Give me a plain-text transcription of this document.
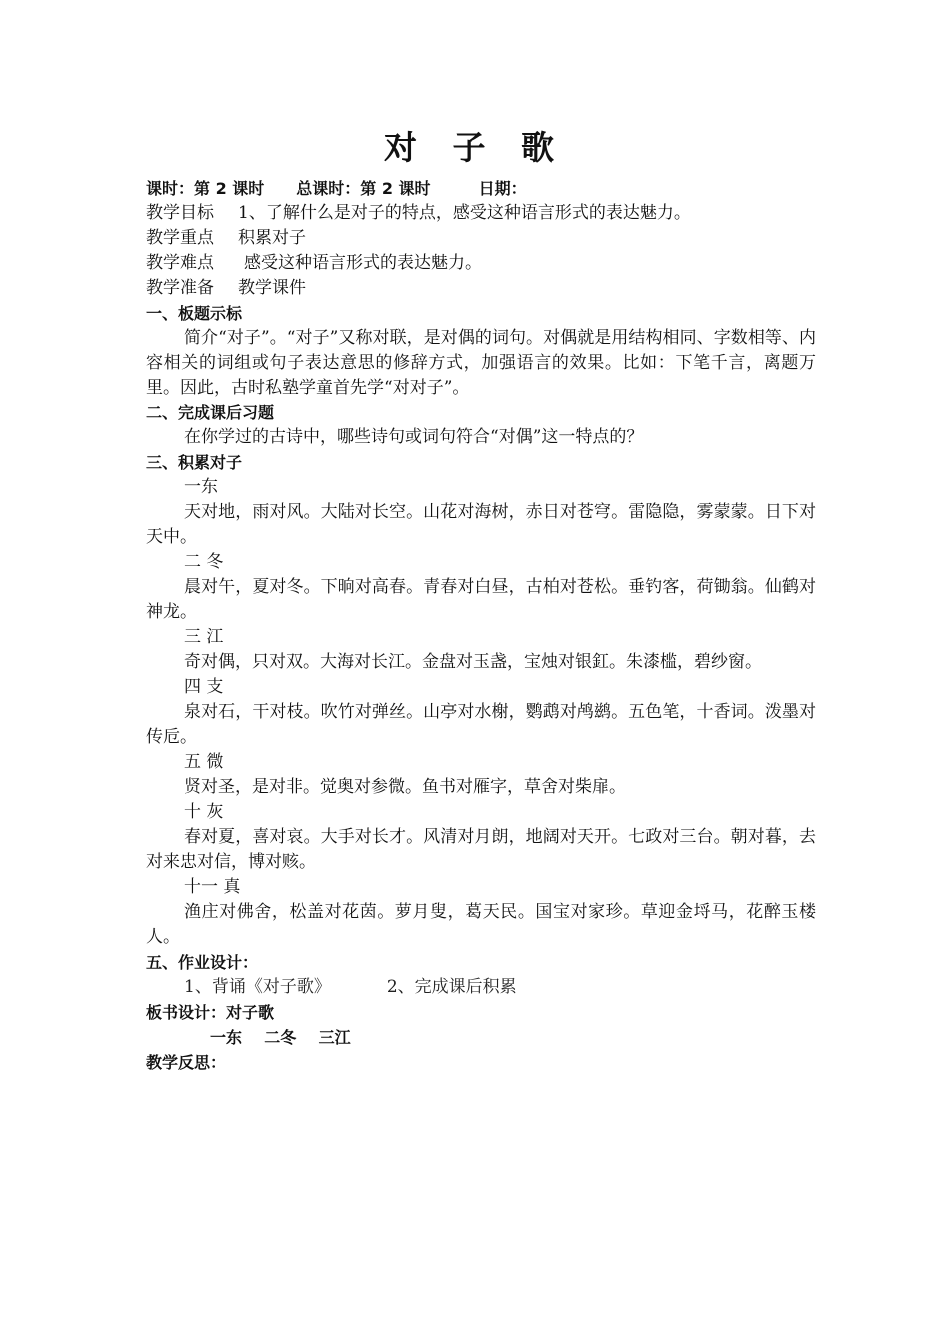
对 子 歌
课时：第 2 课时 总课时：第 2 课时	日期：
教学目标 1、了解什么是对子的特点，感受这种语言形式的表达魅力。
教学重点 积累对子
教学难点 感受这种语言形式的表达魅力。
教学准备 教学课件
一、板题示标
简介“对子”。“对子”又称对联，是对偶的词句。对偶就是用结构相同、字数相等、内容相关的词组或句子表达意思的修辞方式，加强语言的效果。比如：下笔千言，离题万里。因此，古时私塾学童首先学“对对子”。
二、完成课后习题
在你学过的古诗中，哪些诗句或词句符合“对偶”这一特点的？
三、积累对子
一东
天对地，雨对风。大陆对长空。山花对海树，赤日对苍穹。雷隐隐，雾蒙蒙。日下对天中。
二 冬
晨对午，夏对冬。下晌对高春。青春对白昼，古柏对苍松。垂钓客，荷锄翁。仙鹤对神龙。
三 江
奇对偶，只对双。大海对长江。金盘对玉盏，宝烛对银釭。朱漆槛，碧纱窗。
四 支
泉对石，干对枝。吹竹对弹丝。山亭对水榭，鹦鹉对鸬鹚。五色笔，十香词。泼墨对传卮。
五 微
贤对圣，是对非。觉奥对参微。鱼书对雁字，草舍对柴扉。
十 灰
春对夏，喜对哀。大手对长才。风清对月朗，地阔对天开。七政对三台。朝对暮，去对来忠对信，博对赅。
十一 真
渔庄对佛舍，松盖对花茵。萝月叟，葛天民。国宝对家珍。草迎金埒马，花醉玉楼人。
五、作业设计：
1、背诵《对子歌》	2、完成课后积累
板书设计：对子歌
一东    二冬    三江
教学反思：
